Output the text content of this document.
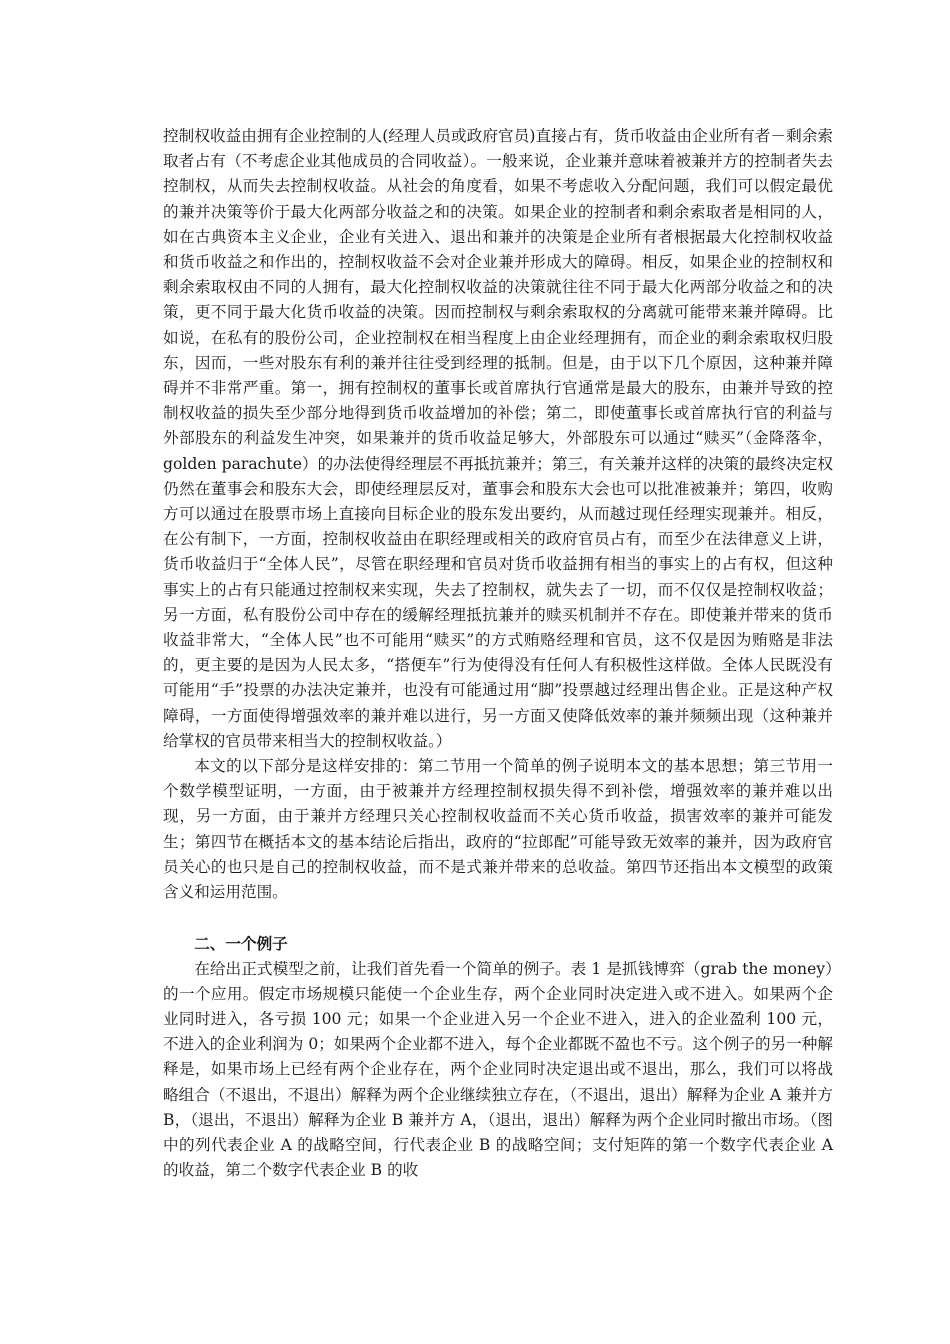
控制权收益由拥有企业控制的人(经理人员或政府官员)直接占有，货币收益由企业所有者－剩余索取者占有（不考虑企业其他成员的合同收益）。一般来说，企业兼并意味着被兼并方的控制者失去控制权，从而失去控制权收益。从社会的角度看，如果不考虑收入分配问题，我们可以假定最优的兼并决策等价于最大化两部分收益之和的决策。如果企业的控制者和剩余索取者是相同的人，如在古典资本主义企业，企业有关进入、退出和兼并的决策是企业所有者根据最大化控制权收益和货币收益之和作出的，控制权收益不会对企业兼并形成大的障碍。相反，如果企业的控制权和剩余索取权由不同的人拥有，最大化控制权收益的决策就往往不同于最大化两部分收益之和的决策，更不同于最大化货币收益的决策。因而控制权与剩余索取权的分离就可能带来兼并障碍。比如说，在私有的股份公司，企业控制权在相当程度上由企业经理拥有，而企业的剩余索取权归股东，因而，一些对股东有利的兼并往往受到经理的抵制。但是，由于以下几个原因，这种兼并障碍并不非常严重。第一，拥有控制权的董事长或首席执行官通常是最大的股东，由兼并导致的控制权收益的损失至少部分地得到货币收益增加的补偿；第二，即使董事长或首席执行官的利益与外部股东的利益发生冲突，如果兼并的货币收益足够大，外部股东可以通过“赎买”（金降落伞，golden parachute）的办法使得经理层不再抵抗兼并；第三，有关兼并这样的决策的最终决定权仍然在董事会和股东大会，即使经理层反对，董事会和股东大会也可以批准被兼并；第四，收购方可以通过在股票市场上直接向目标企业的股东发出要约，从而越过现任经理实现兼并。相反，在公有制下，一方面，控制权收益由在职经理或相关的政府官员占有，而至少在法律意义上讲，货币收益归于“全体人民”，尽管在职经理和官员对货币收益拥有相当的事实上的占有权，但这种事实上的占有只能通过控制权来实现，失去了控制权，就失去了一切，而不仅仅是控制权收益；另一方面，私有股份公司中存在的缓解经理抵抗兼并的赎买机制并不存在。即使兼并带来的货币收益非常大，“全体人民”也不可能用“赎买”的方式贿赂经理和官员，这不仅是因为贿赂是非法的，更主要的是因为人民太多，“搭便车”行为使得没有任何人有积极性这样做。全体人民既没有可能用“手”投票的办法决定兼并，也没有可能通过用“脚”投票越过经理出售企业。正是这种产权障碍，一方面使得增强效率的兼并难以进行，另一方面又使降低效率的兼并频频出现（这种兼并给掌权的官员带来相当大的控制权收益。）

本文的以下部分是这样安排的：第二节用一个简单的例子说明本文的基本思想；第三节用一个数学模型证明，一方面，由于被兼并方经理控制权损失得不到补偿，增强效率的兼并难以出现，另一方面，由于兼并方经理只关心控制权收益而不关心货币收益，损害效率的兼并可能发生；第四节在概括本文的基本结论后指出，政府的“拉郎配”可能导致无效率的兼并，因为政府官员关心的也只是自己的控制权收益，而不是式兼并带来的总收益。第四节还指出本文模型的政策含义和运用范围。

二、一个例子

在给出正式模型之前，让我们首先看一个简单的例子。表 1 是抓钱博弈（grab the money）的一个应用。假定市场规模只能使一个企业生存，两个企业同时决定进入或不进入。如果两个企业同时进入，各亏损 100 元；如果一个企业进入另一个企业不进入，进入的企业盈利 100 元，不进入的企业利润为 0；如果两个企业都不进入，每个企业都既不盈也不亏。这个例子的另一种解释是，如果市场上已经有两个企业存在，两个企业同时决定退出或不退出，那么，我们可以将战略组合（不退出，不退出）解释为两个企业继续独立存在，（不退出，退出）解释为企业 A 兼并方 B，（退出，不退出）解释为企业 B 兼并方 A，（退出，退出）解释为两个企业同时撤出市场。（图中的列代表企业 A 的战略空间，行代表企业 B 的战略空间；支付矩阵的第一个数字代表企业 A 的收益，第二个数字代表企业 B 的收
